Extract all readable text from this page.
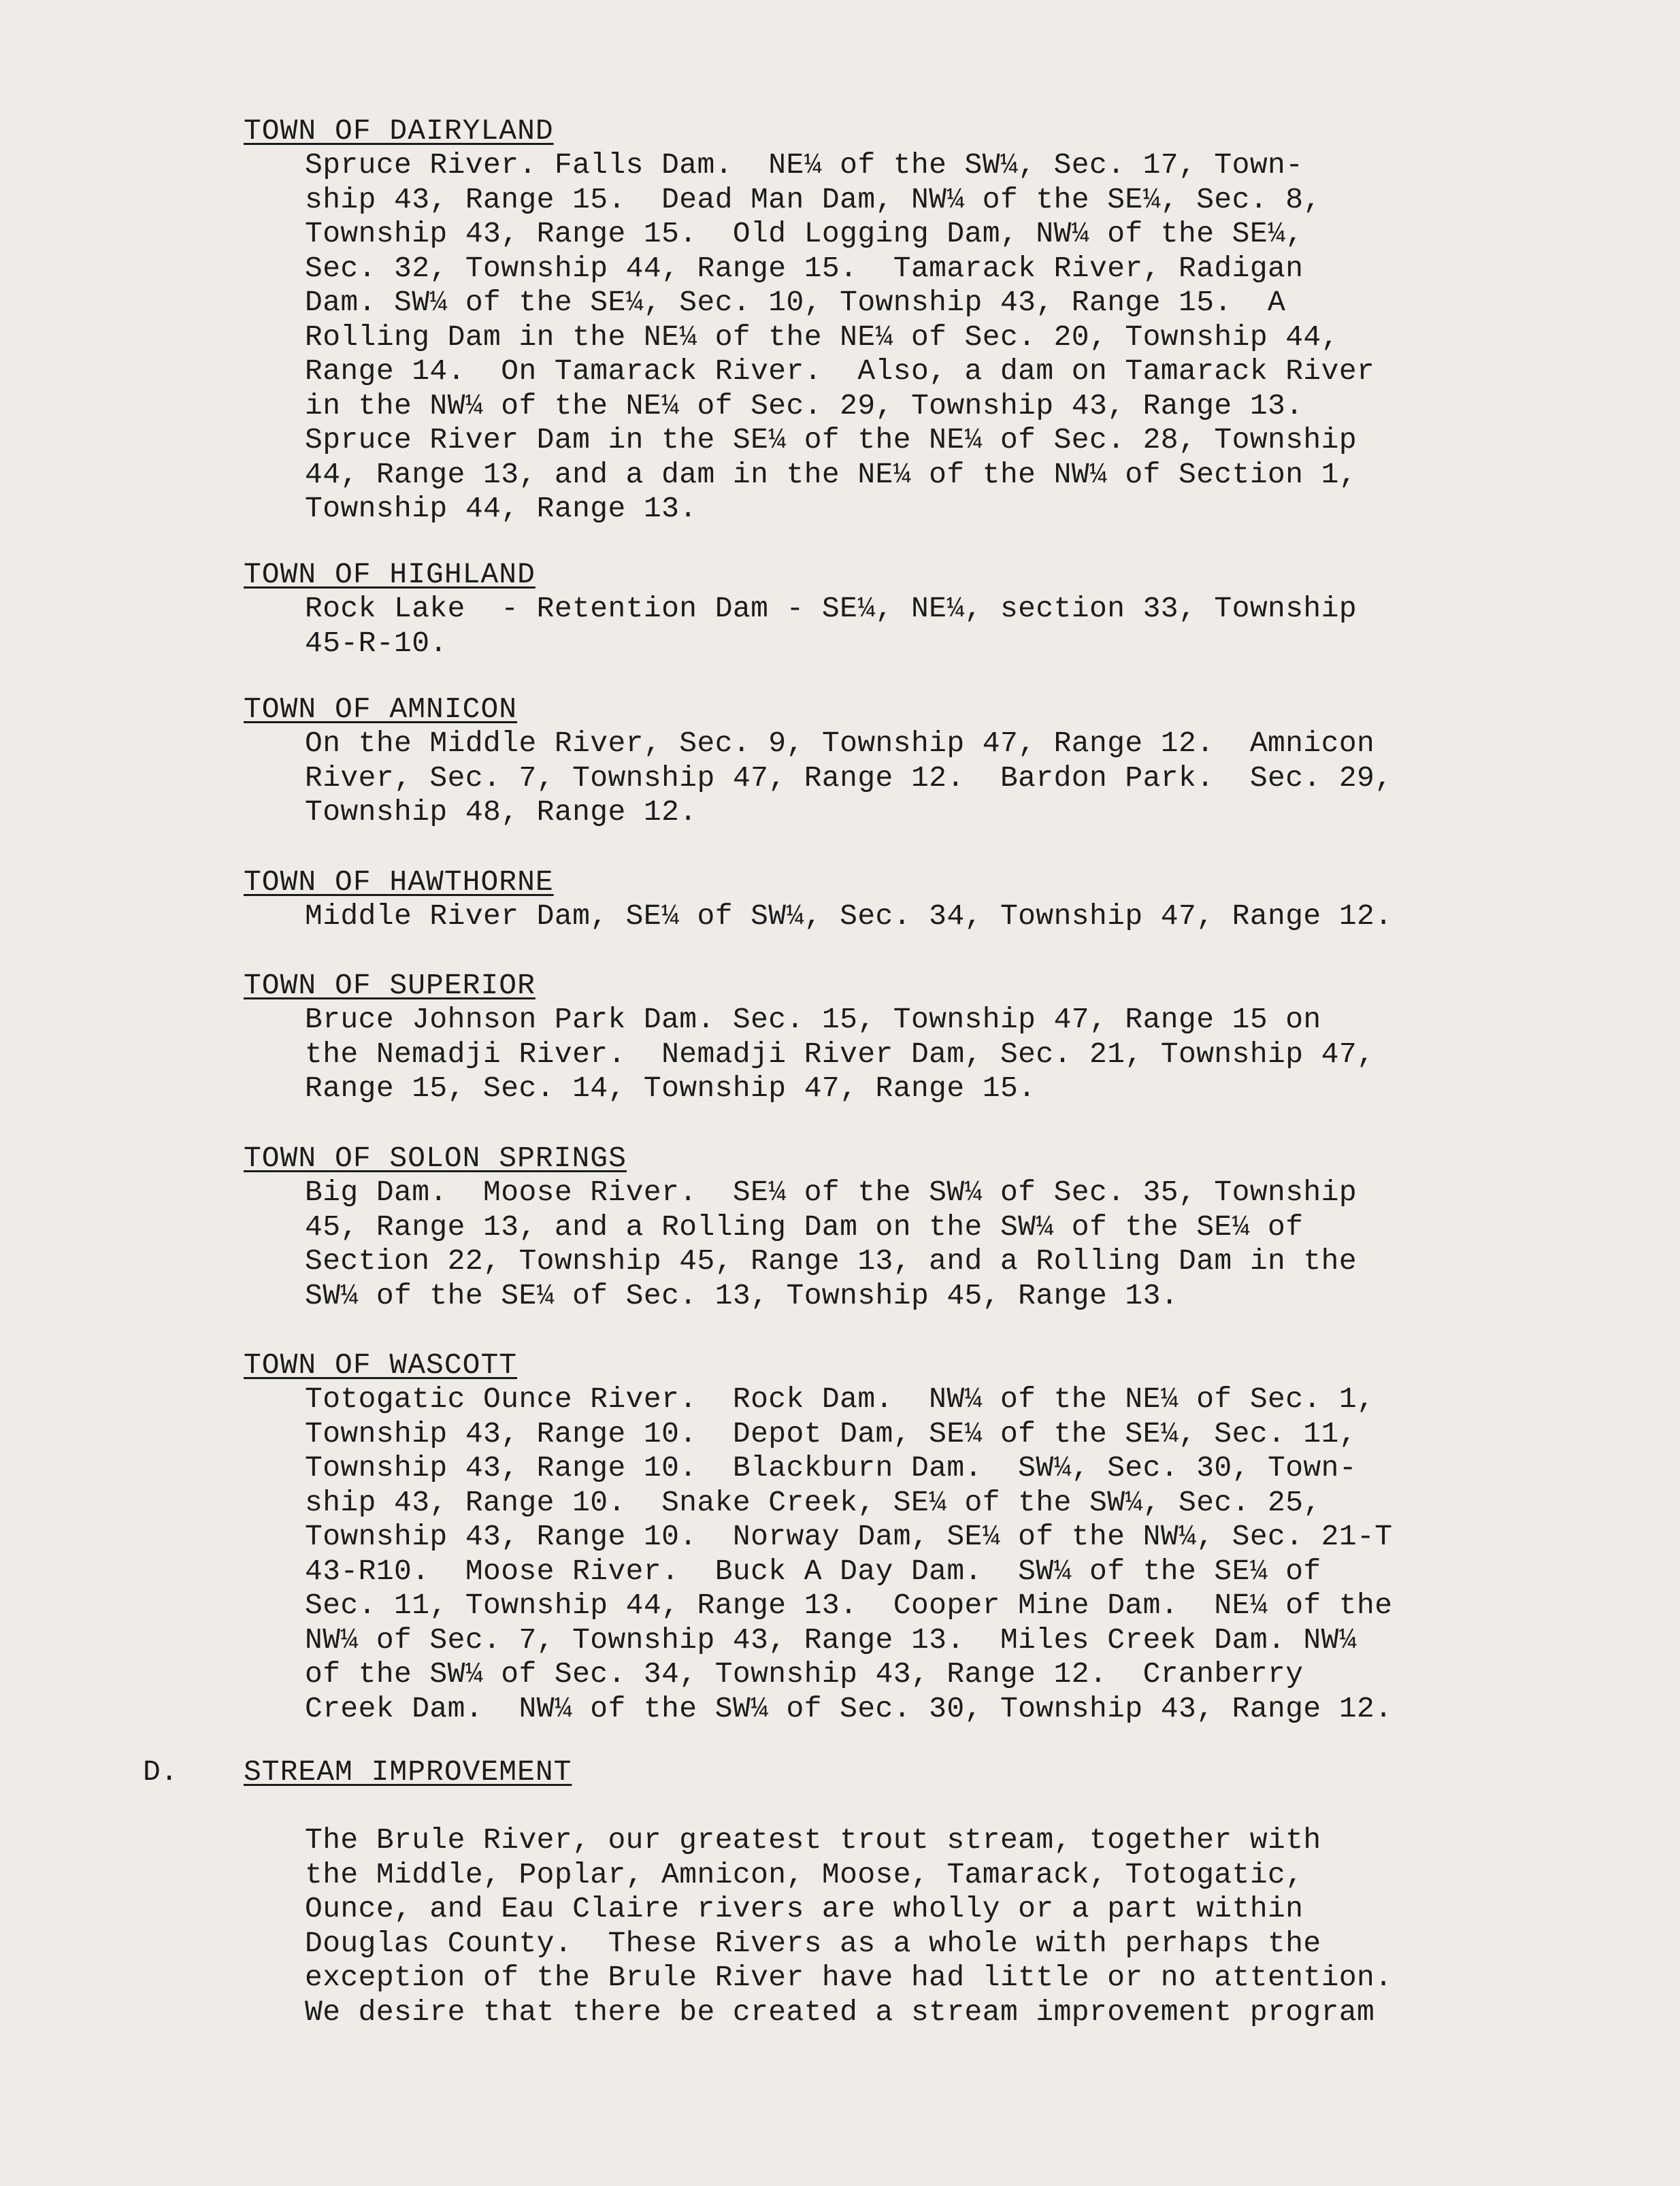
TOWN OF DAIRYLAND
Spruce River. Falls Dam.  NE¼ of the SW¼, Sec. 17, Town-
ship 43, Range 15.  Dead Man Dam, NW¼ of the SE¼, Sec. 8,
Township 43, Range 15.  Old Logging Dam, NW¼ of the SE¼,
Sec. 32, Township 44, Range 15.  Tamarack River, Radigan
Dam. SW¼ of the SE¼, Sec. 10, Township 43, Range 15.  A
Rolling Dam in the NE¼ of the NE¼ of Sec. 20, Township 44,
Range 14.  On Tamarack River.  Also, a dam on Tamarack River
in the NW¼ of the NE¼ of Sec. 29, Township 43, Range 13.
Spruce River Dam in the SE¼ of the NE¼ of Sec. 28, Township
44, Range 13, and a dam in the NE¼ of the NW¼ of Section 1,
Township 44, Range 13.
TOWN OF HIGHLAND
Rock Lake  - Retention Dam - SE¼, NE¼, section 33, Township
45-R-10.
TOWN OF AMNICON
On the Middle River, Sec. 9, Township 47, Range 12.  Amnicon
River, Sec. 7, Township 47, Range 12.  Bardon Park.  Sec. 29,
Township 48, Range 12.
TOWN OF HAWTHORNE
Middle River Dam, SE¼ of SW¼, Sec. 34, Township 47, Range 12.
TOWN OF SUPERIOR
Bruce Johnson Park Dam. Sec. 15, Township 47, Range 15 on
the Nemadji River.  Nemadji River Dam, Sec. 21, Township 47,
Range 15, Sec. 14, Township 47, Range 15.
TOWN OF SOLON SPRINGS
Big Dam.  Moose River.  SE¼ of the SW¼ of Sec. 35, Township
45, Range 13, and a Rolling Dam on the SW¼ of the SE¼ of
Section 22, Township 45, Range 13, and a Rolling Dam in the
SW¼ of the SE¼ of Sec. 13, Township 45, Range 13.
TOWN OF WASCOTT
Totogatic Ounce River.  Rock Dam.  NW¼ of the NE¼ of Sec. 1,
Township 43, Range 10.  Depot Dam, SE¼ of the SE¼, Sec. 11,
Township 43, Range 10.  Blackburn Dam.  SW¼, Sec. 30, Town-
ship 43, Range 10.  Snake Creek, SE¼ of the SW¼, Sec. 25,
Township 43, Range 10.  Norway Dam, SE¼ of the NW¼, Sec. 21-T
43-R10.  Moose River.  Buck A Day Dam.  SW¼ of the SE¼ of
Sec. 11, Township 44, Range 13.  Cooper Mine Dam.  NE¼ of the
NW¼ of Sec. 7, Township 43, Range 13.  Miles Creek Dam. NW¼
of the SW¼ of Sec. 34, Township 43, Range 12.  Cranberry
Creek Dam.  NW¼ of the SW¼ of Sec. 30, Township 43, Range 12.
D. STREAM IMPROVEMENT
The Brule River, our greatest trout stream, together with
the Middle, Poplar, Amnicon, Moose, Tamarack, Totogatic,
Ounce, and Eau Claire rivers are wholly or a part within
Douglas County.  These Rivers as a whole with perhaps the
exception of the Brule River have had little or no attention.
We desire that there be created a stream improvement program
